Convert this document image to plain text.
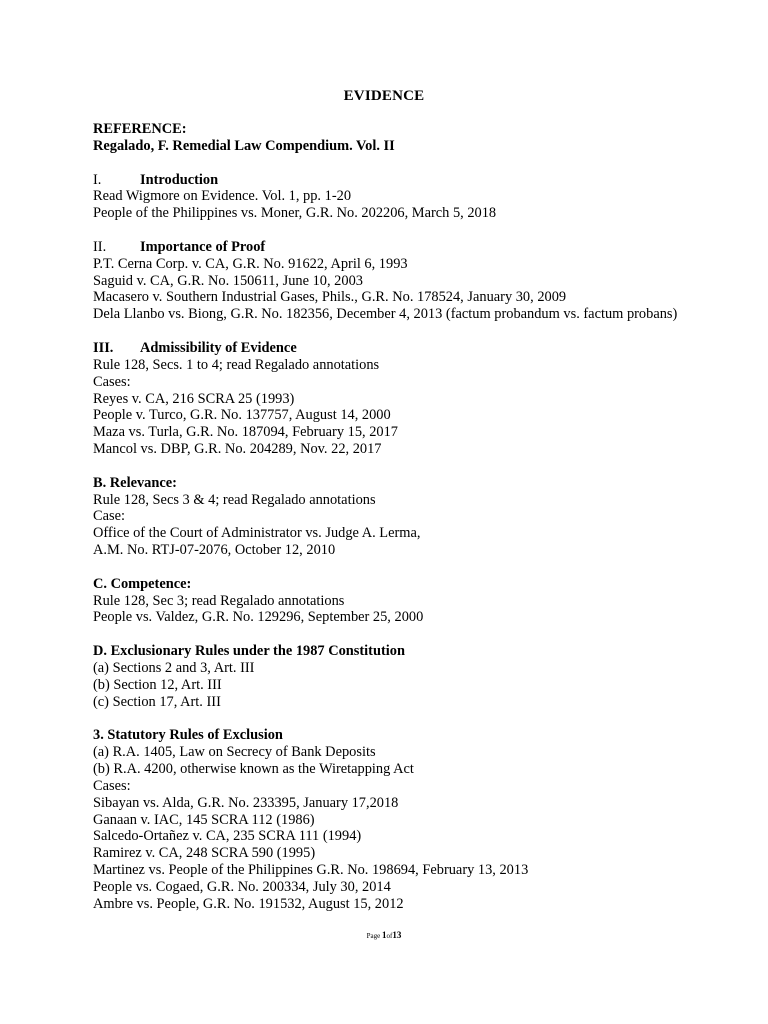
EVIDENCE
REFERENCE:
Regalado, F. Remedial Law Compendium. Vol. II
I.	Introduction
Read Wigmore on Evidence. Vol. 1, pp. 1-20
People of the Philippines vs. Moner, G.R. No. 202206, March 5, 2018
II.	Importance of Proof
P.T. Cerna Corp. v. CA, G.R. No. 91622, April 6, 1993
Saguid v. CA, G.R. No. 150611, June 10, 2003
Macasero v. Southern Industrial Gases, Phils., G.R. No. 178524, January 30, 2009
Dela Llanbo vs. Biong, G.R. No. 182356, December 4, 2013 (factum probandum vs. factum probans)
III.	Admissibility of Evidence
Rule 128, Secs. 1 to 4; read Regalado annotations
Cases:
Reyes v. CA, 216 SCRA 25 (1993)
People v. Turco, G.R. No. 137757, August 14, 2000
Maza vs. Turla, G.R. No. 187094, February 15, 2017
Mancol vs. DBP, G.R. No. 204289, Nov. 22, 2017
B. Relevance:
Rule 128, Secs 3 & 4; read Regalado annotations
Case:
Office of the Court of Administrator vs. Judge A. Lerma,
A.M. No. RTJ-07-2076, October 12, 2010
C. Competence:
Rule 128, Sec 3; read Regalado annotations
People vs. Valdez, G.R. No. 129296, September 25, 2000
D. Exclusionary Rules under the 1987 Constitution
(a) Sections 2 and 3, Art. III
(b) Section 12, Art. III
(c) Section 17, Art. III
3. Statutory Rules of Exclusion
(a) R.A. 1405, Law on Secrecy of Bank Deposits
(b) R.A. 4200, otherwise known as the Wiretapping Act
Cases:
Sibayan vs. Alda, G.R. No. 233395, January 17,2018
Ganaan v. IAC, 145 SCRA 112 (1986)
Salcedo-Ortañez v. CA, 235 SCRA 111 (1994)
Ramirez v. CA, 248 SCRA 590 (1995)
Martinez vs. People of the Philippines G.R. No. 198694, February 13, 2013
People vs. Cogaed, G.R. No. 200334, July 30, 2014
Ambre vs. People, G.R. No. 191532, August 15, 2012
Page 1of13
